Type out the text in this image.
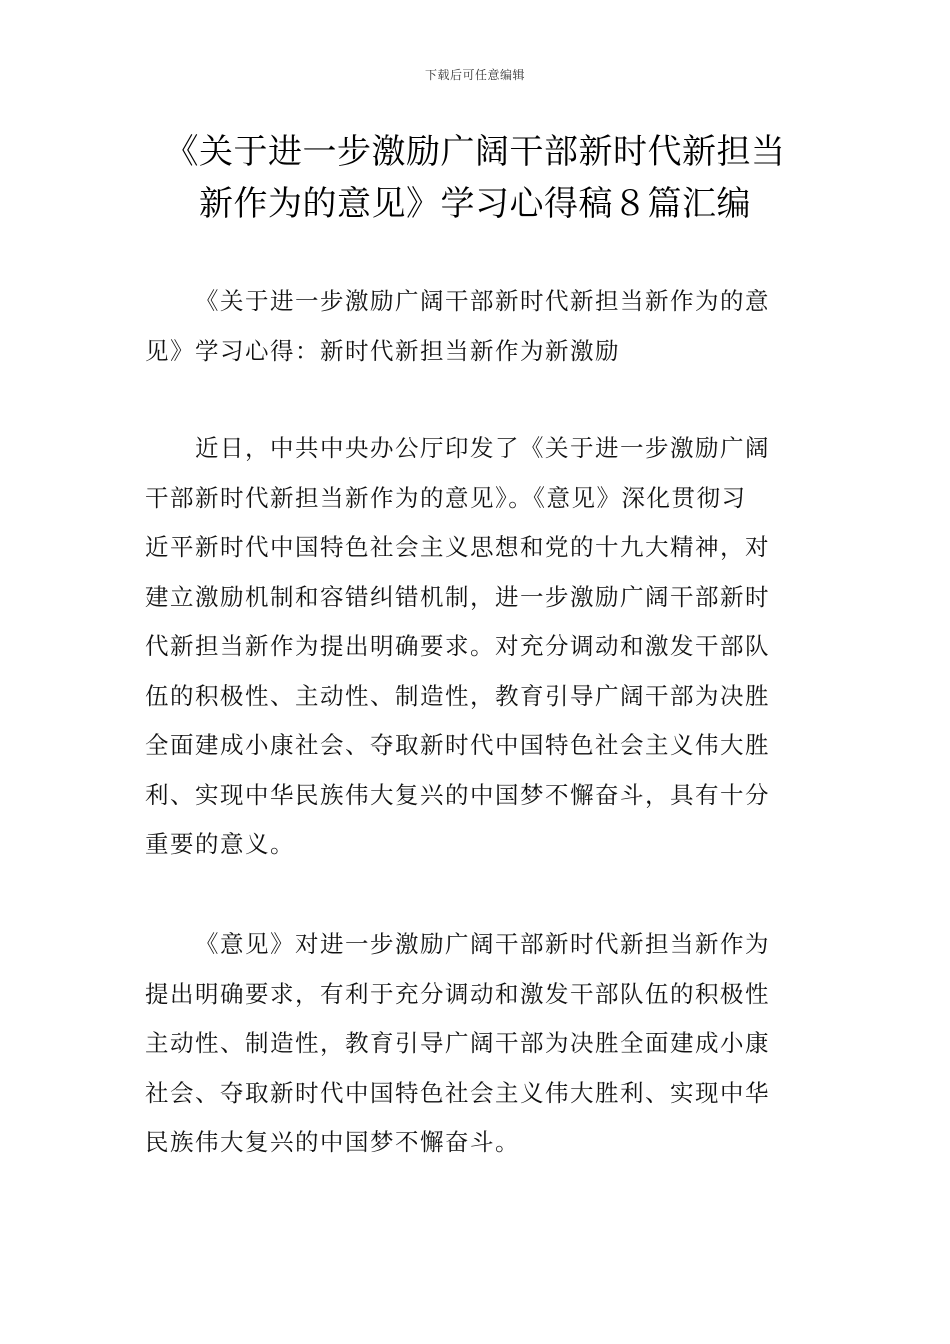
下载后可任意编辑
《关于进一步激励广阔干部新时代新担当
新作为的意见》学习心得稿８篇汇编
《关于进一步激励广阔干部新时代新担当新作为的意
见》学习心得：新时代新担当新作为新激励
近日，中共中央办公厅印发了《关于进一步激励广阔
干部新时代新担当新作为的意见》。《意见》深化贯彻习
近平新时代中国特色社会主义思想和党的十九大精神，对
建立激励机制和容错纠错机制，进一步激励广阔干部新时
代新担当新作为提出明确要求。对充分调动和激发干部队
伍的积极性、主动性、制造性，教育引导广阔干部为决胜
全面建成小康社会、夺取新时代中国特色社会主义伟大胜
利、实现中华民族伟大复兴的中国梦不懈奋斗，具有十分
重要的意义。
《意见》对进一步激励广阔干部新时代新担当新作为
提出明确要求，有利于充分调动和激发干部队伍的积极性
主动性、制造性，教育引导广阔干部为决胜全面建成小康
社会、夺取新时代中国特色社会主义伟大胜利、实现中华
民族伟大复兴的中国梦不懈奋斗。
